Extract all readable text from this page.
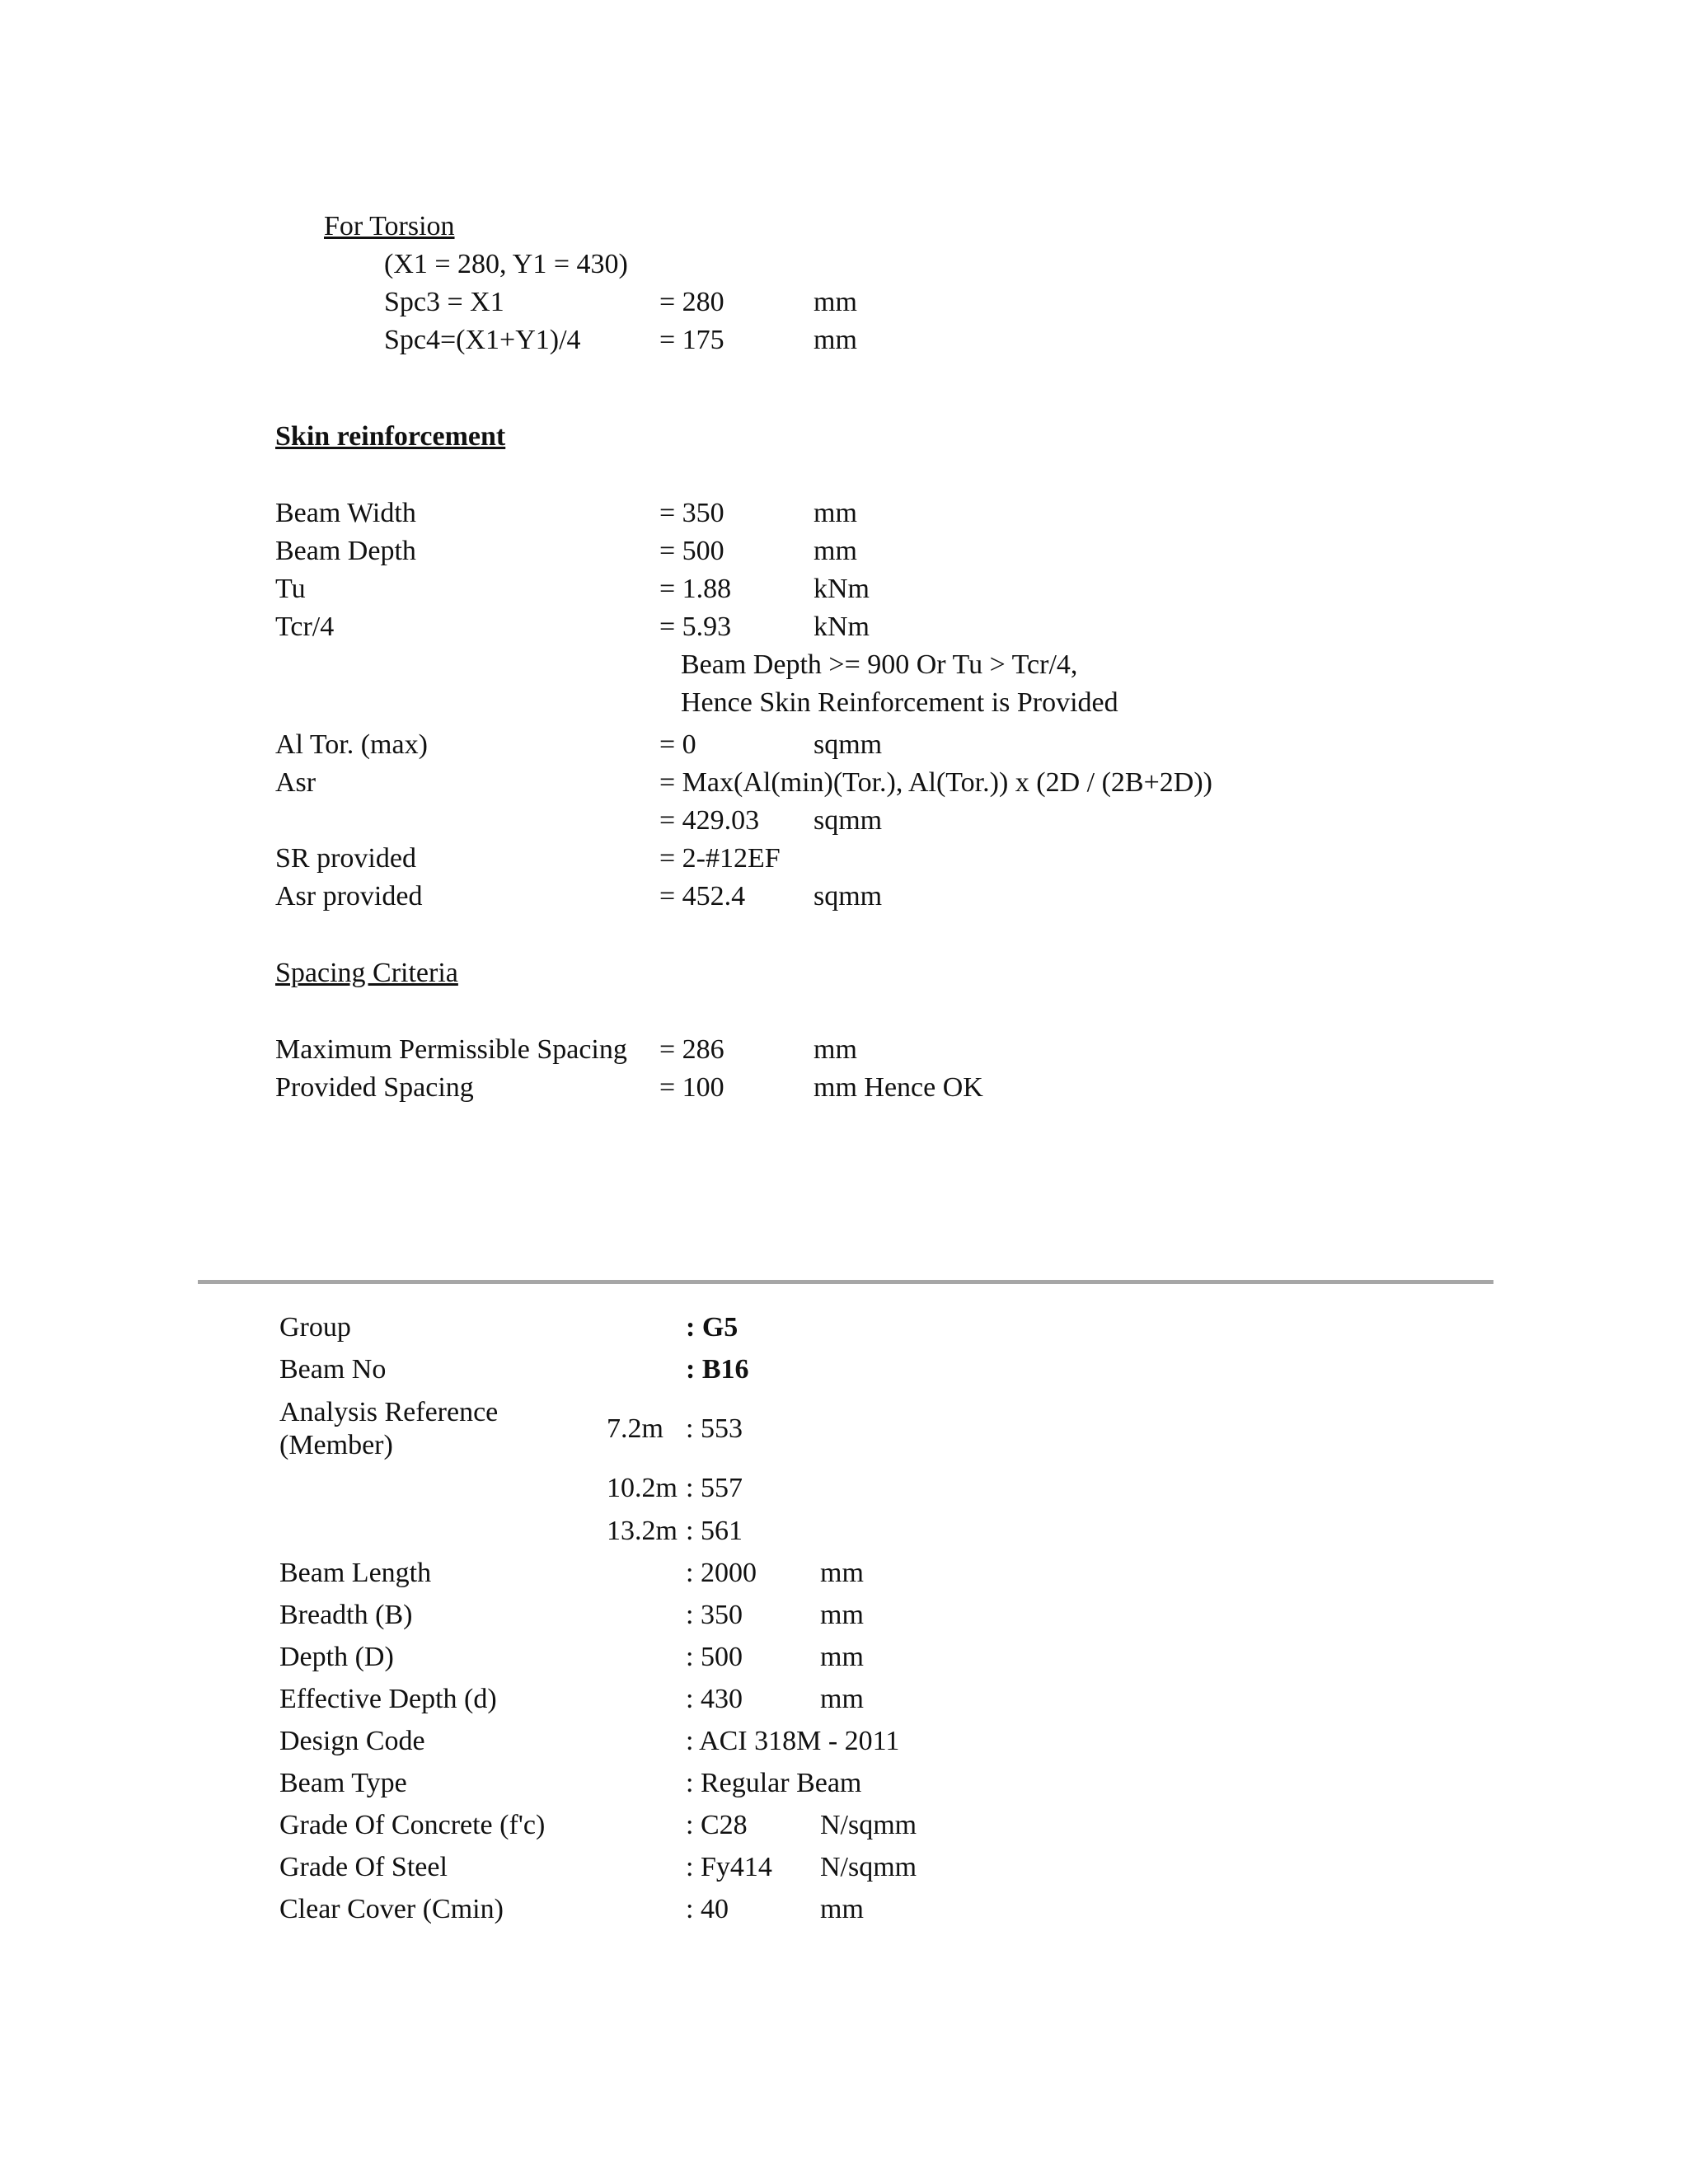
For Torsion
(X1 = 280, Y1 = 430)
Spc3 = X1	= 280	mm
Spc4=(X1+Y1)/4	= 175	mm
Skin reinforcement
Beam Width	= 350	mm
Beam Depth	= 500	mm
Tu	= 1.88	kNm
Tcr/4	= 5.93	kNm
Beam Depth >= 900 Or Tu > Tcr/4,
Hence Skin Reinforcement is Provided
Al Tor. (max)	= 0	sqmm
Asr	= Max(Al(min)(Tor.), Al(Tor.)) x (2D / (2B+2D))
= 429.03 sqmm
SR provided	= 2-#12EF
Asr provided	= 452.4 sqmm
Spacing Criteria
Maximum Permissible Spacing = 286	mm
Provided Spacing	= 100	mm Hence OK
Group	: G5
Beam No	: B16
Analysis Reference
(Member)
7.2m : 553
10.2m : 557
13.2m : 561
Beam Length	: 2000 mm
Breadth (B)	: 350	mm
Depth (D)	: 500	mm
Effective Depth (d)	: 430	mm
Design Code	: ACI 318M - 2011
Beam Type	: Regular Beam
Grade Of Concrete (f'c)	: C28	N/sqmm
Grade Of Steel	: Fy414 N/sqmm
Clear Cover (Cmin)	: 40	mm
